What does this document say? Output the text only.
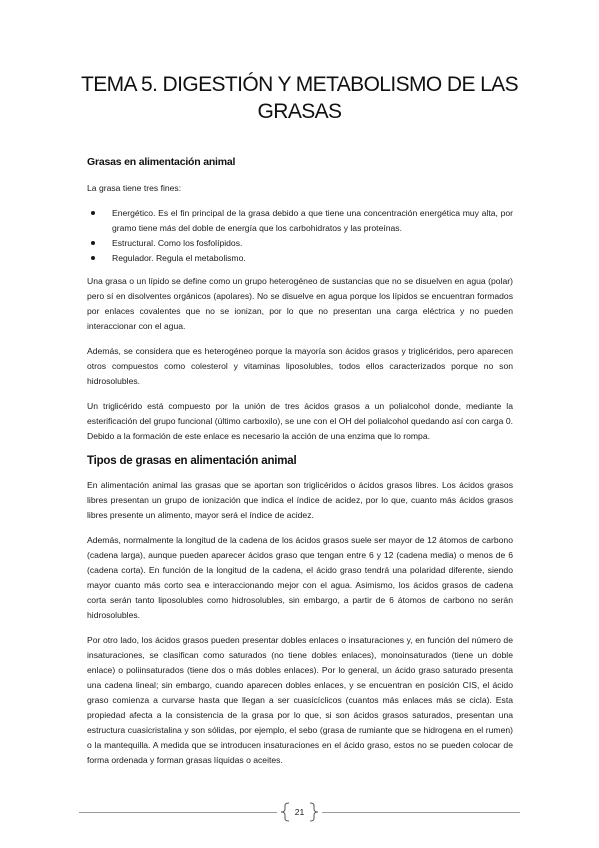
TEMA 5. DIGESTIÓN Y METABOLISMO DE LAS GRASAS
Grasas en alimentación animal

La grasa tiene tres fines:

Energético. Es el fin principal de la grasa debido a que tiene una concentración energética muy alta, por gramo tiene más del doble de energía que los carbohidratos y las proteínas.
Estructural. Como los fosfolípidos.
Regulador. Regula el metabolismo.

Una grasa o un lípido se define como un grupo heterogéneo de sustancias que no se disuelven en agua (polar) pero sí en disolventes orgánicos (apolares). No se disuelve en agua porque los lípidos se encuentran formados por enlaces covalentes que no se ionizan, por lo que no presentan una carga eléctrica y no pueden interaccionar con el agua.

Además, se considera que es heterogéneo porque la mayoría son ácidos grasos y triglicéridos, pero aparecen otros compuestos como colesterol y vitaminas liposolubles, todos ellos caracterizados porque no son hidrosolubles.

Un triglicérido está compuesto por la unión de tres ácidos grasos a un polialcohol donde, mediante la esterificación del grupo funcional (último carboxilo), se une con el OH del polialcohol quedando así con carga 0. Debido a la formación de este enlace es necesario la acción de una enzima que lo rompa.

Tipos de grasas en alimentación animal

En alimentación animal las grasas que se aportan son triglicéridos o ácidos grasos libres. Los ácidos grasos libres presentan un grupo de ionización que indica el índice de acidez, por lo que, cuanto más ácidos grasos libres presente un alimento, mayor será el índice de acidez.

Además, normalmente la longitud de la cadena de los ácidos grasos suele ser mayor de 12 átomos de carbono (cadena larga), aunque pueden aparecer ácidos graso que tengan entre 6 y 12 (cadena media) o menos de 6 (cadena corta). En función de la longitud de la cadena, el ácido graso tendrá una polaridad diferente, siendo mayor cuanto más corto sea e interaccionando mejor con el agua. Asimismo, los ácidos grasos de cadena corta serán tanto liposolubles como hidrosolubles, sin embargo, a partir de 6 átomos de carbono no serán hidrosolubles.

Por otro lado, los ácidos grasos pueden presentar dobles enlaces o insaturaciones y, en función del número de insaturaciones, se clasifican como saturados (no tiene dobles enlaces), monoinsaturados (tiene un doble enlace) o poliinsaturados (tiene dos o más dobles enlaces). Por lo general, un ácido graso saturado presenta una cadena lineal; sin embargo, cuando aparecen dobles enlaces, y se encuentran en posición CIS, el ácido graso comienza a curvarse hasta que llegan a ser cuasicíclicos (cuantos más enlaces más se cicla). Esta propiedad afecta a la consistencia de la grasa por lo que, si son ácidos grasos saturados, presentan una estructura cuasicristalina y son sólidas, por ejemplo, el sebo (grasa de rumiante que se hidrogena en el rumen) o la mantequilla. A medida que se introducen insaturaciones en el ácido graso, estos no se pueden colocar de forma ordenada y forman grasas líquidas o aceites.

21
